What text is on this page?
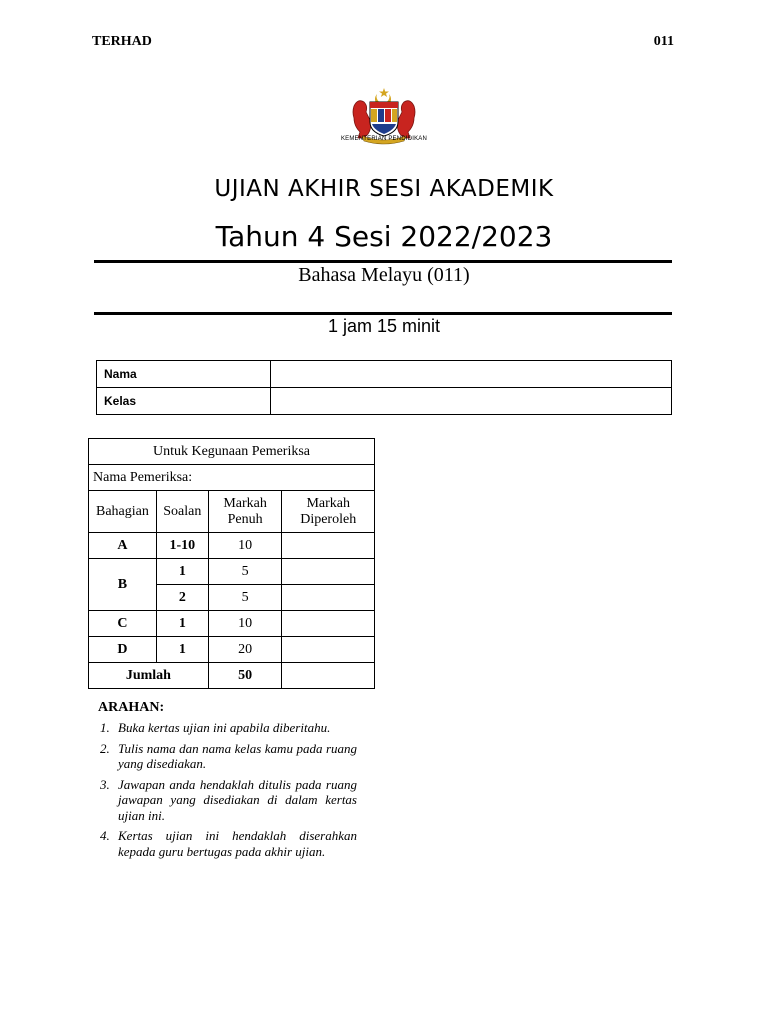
TERHAD	011
KEMENTERIAN PENDIDIKAN
UJIAN AKHIR SESI AKADEMIK
Tahun 4 Sesi 2022/2023
Bahasa Melayu (011)
1 jam 15 minit
Nama	
Kelas	
Untuk Kegunaan Pemeriksa			
Nama Pemeriksa:			
Bahagian	Soalan	Markah Penuh	Markah Diperoleh
A	1-10	10	
B	1	5	
	2	5	
C	1	10	
D	1	20	
Jumlah		50	
ARAHAN:
1. Buka kertas ujian ini apabila diberitahu.
2. Tulis nama dan nama kelas kamu pada ruang yang disediakan.
3. Jawapan anda hendaklah ditulis pada ruang jawapan yang disediakan di dalam kertas ujian ini.
4. Kertas ujian ini hendaklah diserahkan kepada guru bertugas pada akhir ujian.
